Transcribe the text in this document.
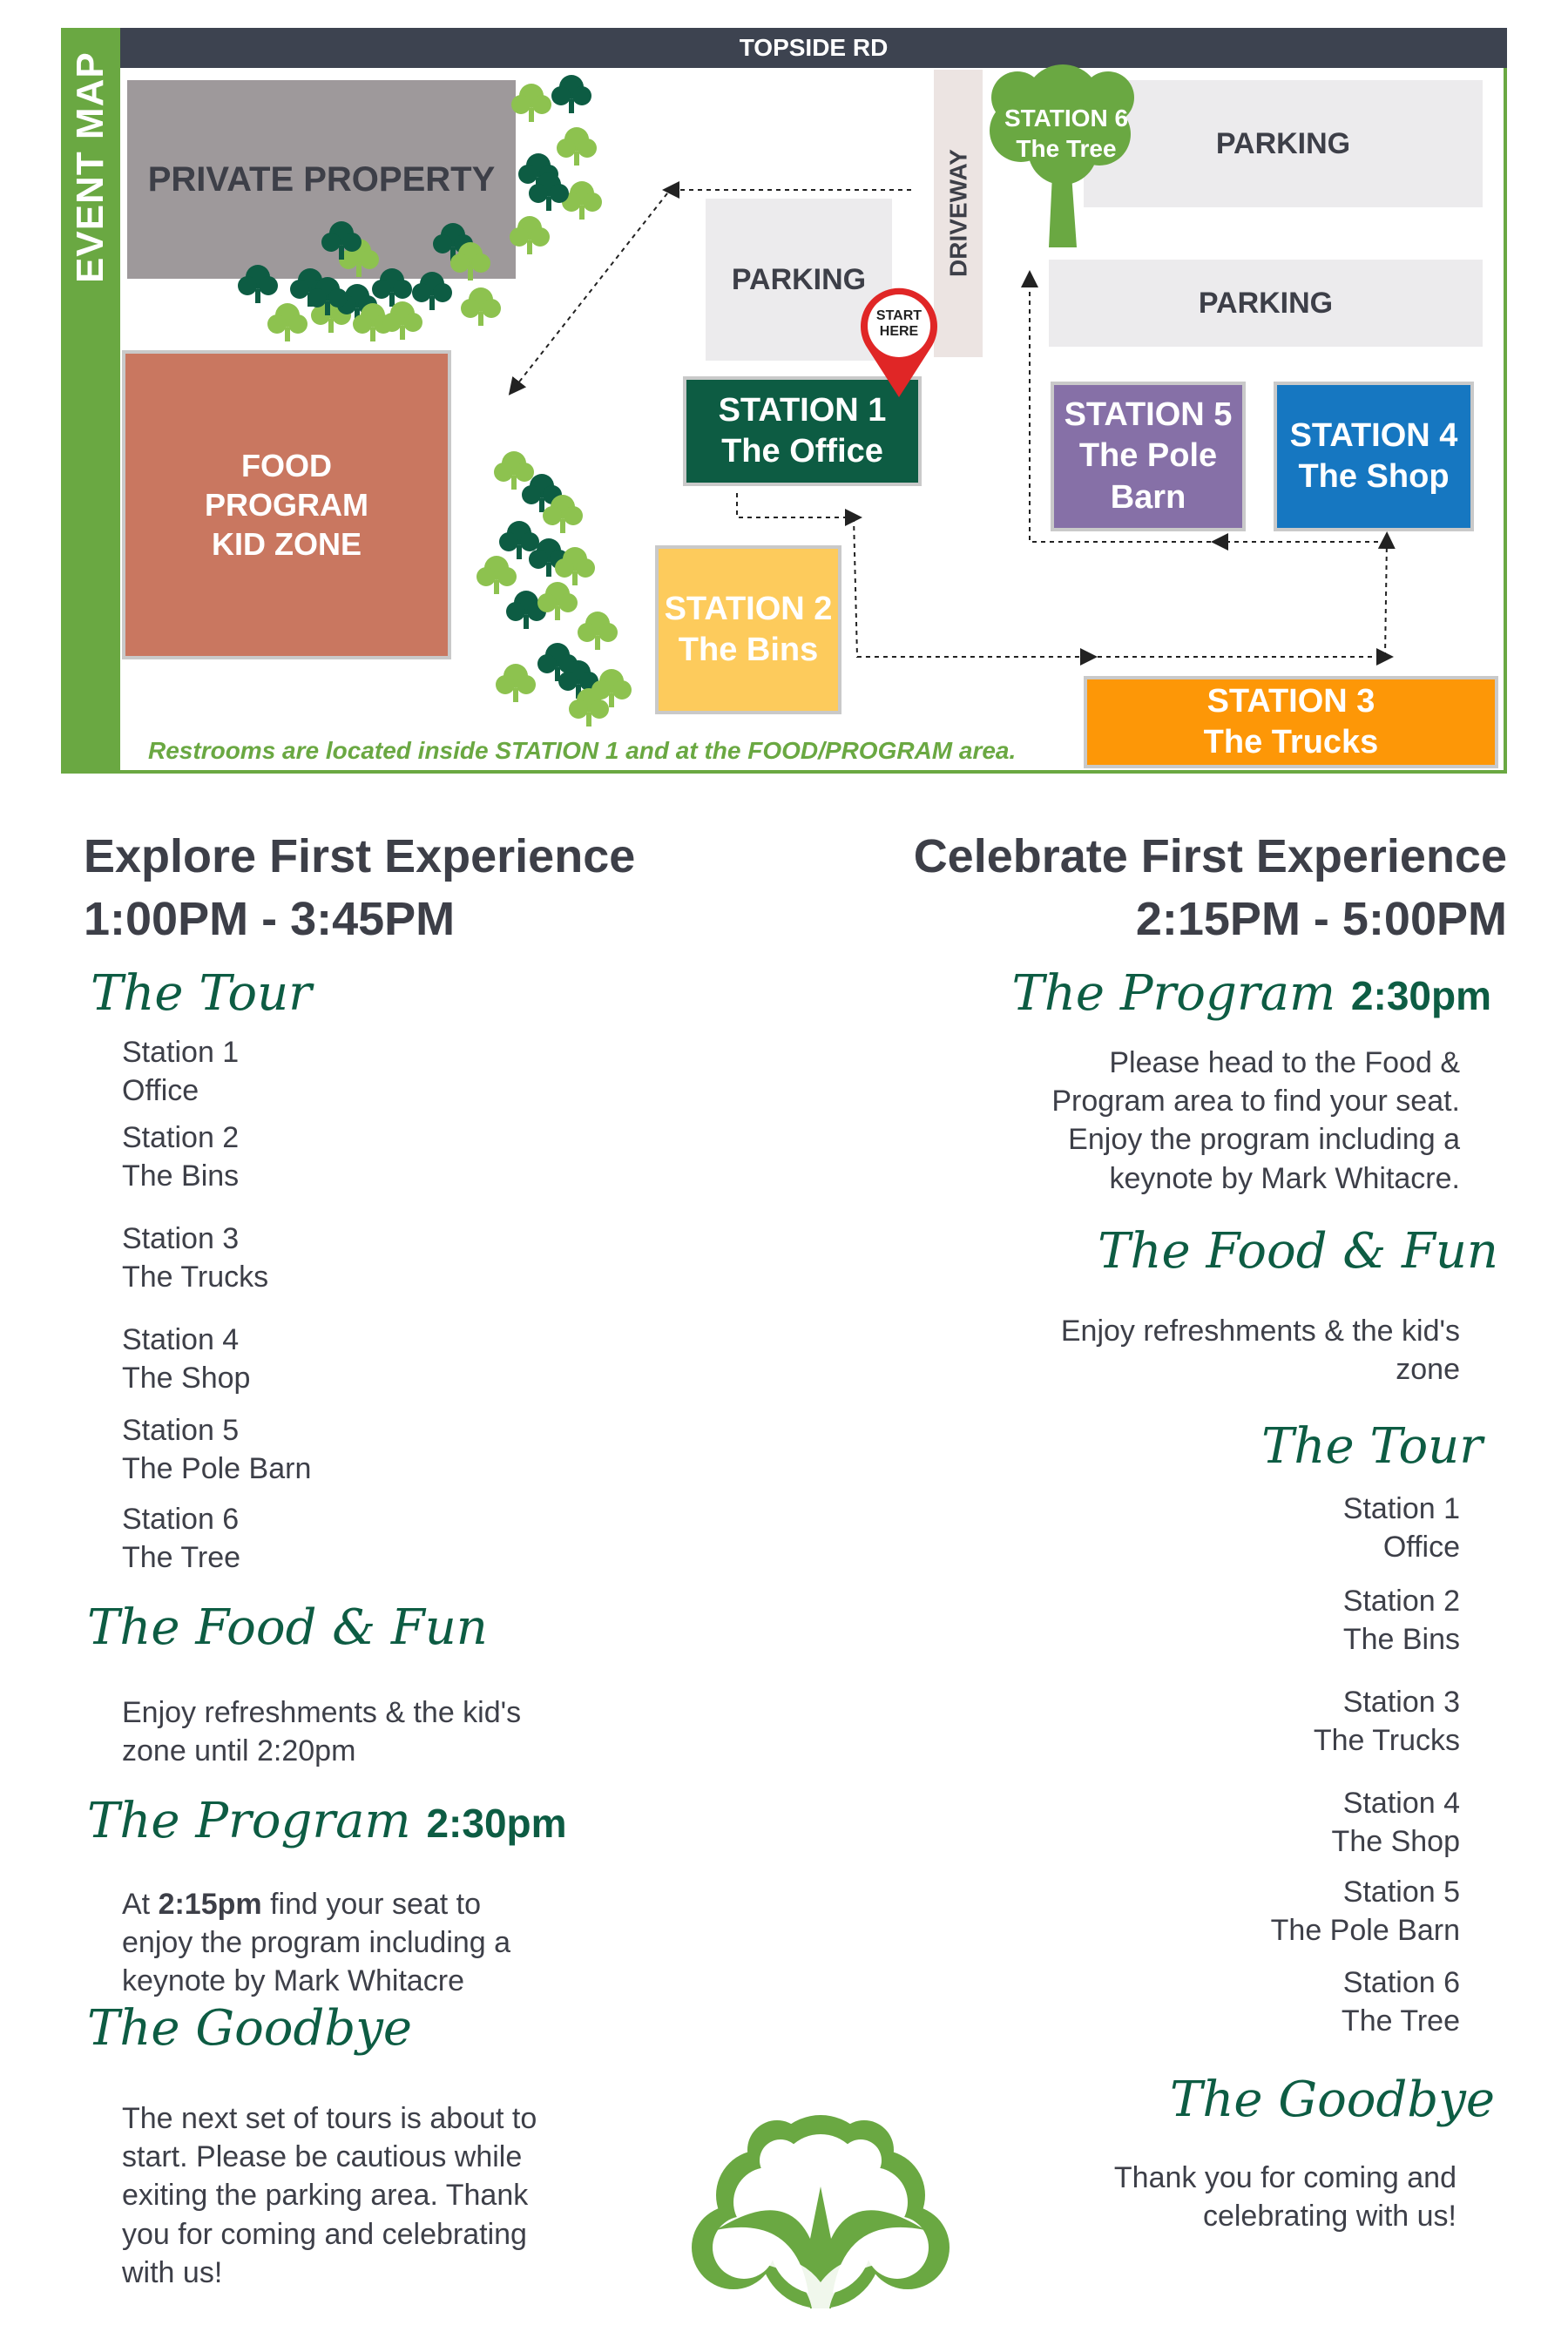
EVENT MAP
TOPSIDE RD
PRIVATE PROPERTY
FOOD
PROGRAM
KID ZONE
PARKING
PARKING
PARKING
DRIVEWAY
STATION 1
The Office
STATION 2
The Bins
STATION 3
The Trucks
STATION 4
The Shop
STATION 5
The Pole
Barn
START
HERE
STATION 6
The Tree
Restrooms are located inside STATION 1 and at the FOOD/PROGRAM area.
Explore First Experience
1:00PM - 3:45PM
The Tour
Station 1
Office
Station 2
The Bins
Station 3
The Trucks
Station 4
The Shop
Station 5
The Pole Barn
Station 6
The Tree
The Food & Fun
Enjoy refreshments & the kid's
zone until 2:20pm
The Program 2:30pm
At 2:15pm find your seat to
enjoy the program including a
keynote by Mark Whitacre
The Goodbye
The next set of tours is about to
start. Please be cautious while
exiting the parking area. Thank
you for coming and celebrating
with us!
Celebrate First Experience
2:15PM - 5:00PM
The Program 2:30pm
Please head to the Food &
Program area to find your seat.
Enjoy the program including a
keynote by Mark Whitacre.
The Food & Fun
Enjoy refreshments & the kid's
zone
The Tour
Station 1
Office
Station 2
The Bins
Station 3
The Trucks
Station 4
The Shop
Station 5
The Pole Barn
Station 6
The Tree
The Goodbye
Thank you for coming and
celebrating with us!
